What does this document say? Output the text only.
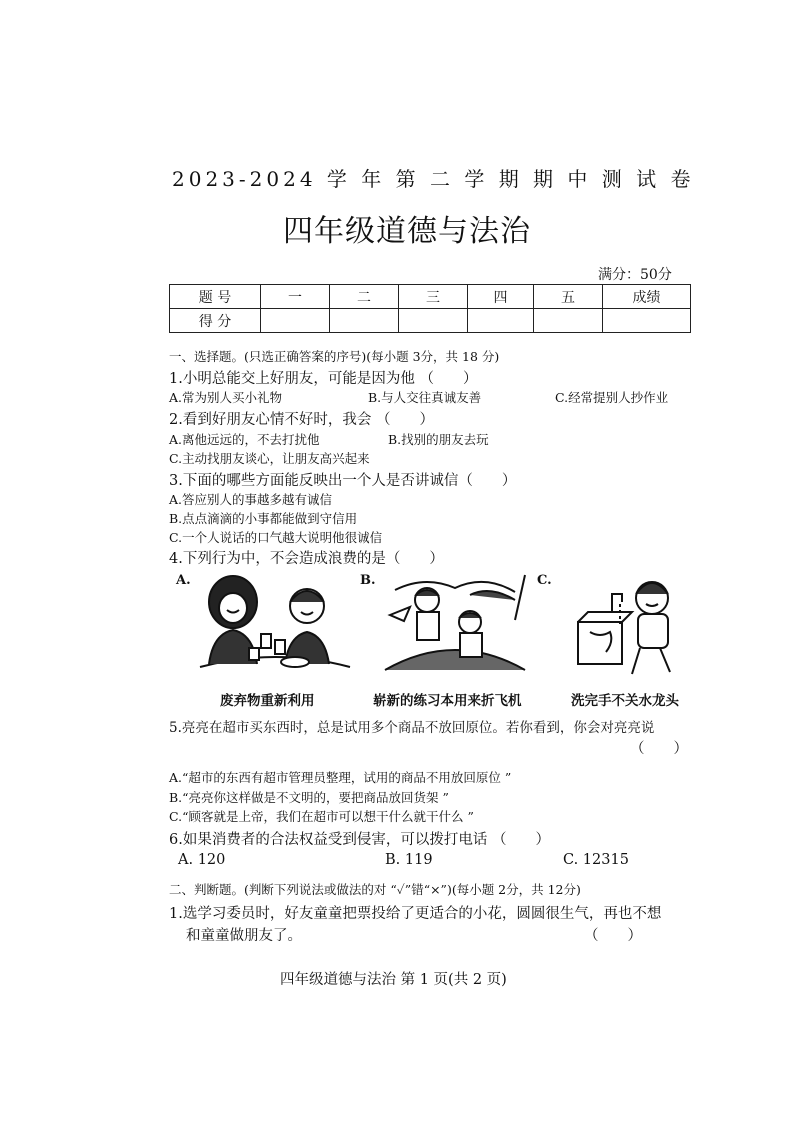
2023-2024 学 年 第 二 学 期 期 中 测 试 卷
四年级道德与法治
满分：50分
题 号	一	二	三	四	五	成绩
得 分						
一、选择题。(只选正确答案的序号)(每小题 3分，共 18 分)
1.小明总能交上好朋友，可能是因为他 （　　）
A.常为别人买小礼物	B.与人交往真诚友善	C.经常提别人抄作业
2.看到好朋友心情不好时，我会 （　　）
A.离他远远的，不去打扰他	B.找别的朋友去玩
C.主动找朋友谈心，让朋友高兴起来
3.下面的哪些方面能反映出一个人是否讲诚信（　　）
A.答应别人的事越多越有诚信
B.点点滴滴的小事都能做到守信用
C.一个人说话的口气越大说明他很诚信
4.下列行为中，不会造成浪费的是（　　）
A.	B.	C.
废弃物重新利用	崭新的练习本用来折飞机	洗完手不关水龙头
5.亮亮在超市买东西时，总是试用多个商品不放回原位。若你看到，你会对亮亮说
（　　）
A.“超市的东西有超市管理员整理，试用的商品不用放回原位 ”
B.“亮亮你这样做是不文明的，要把商品放回货架 ”
C.“顾客就是上帝，我们在超市可以想干什么就干什么 ”
6.如果消费者的合法权益受到侵害，可以拨打电话 （　　）
A. 120	B. 119	C. 12315
二、判断题。(判断下列说法或做法的对 “✓”错“×”)(每小题 2分，共 12分)
1.选学习委员时，好友童童把票投给了更适合的小花，圆圆很生气，再也不想
和童童做朋友了。	（　　）
四年级道德与法治 第 1 页(共 2 页)
